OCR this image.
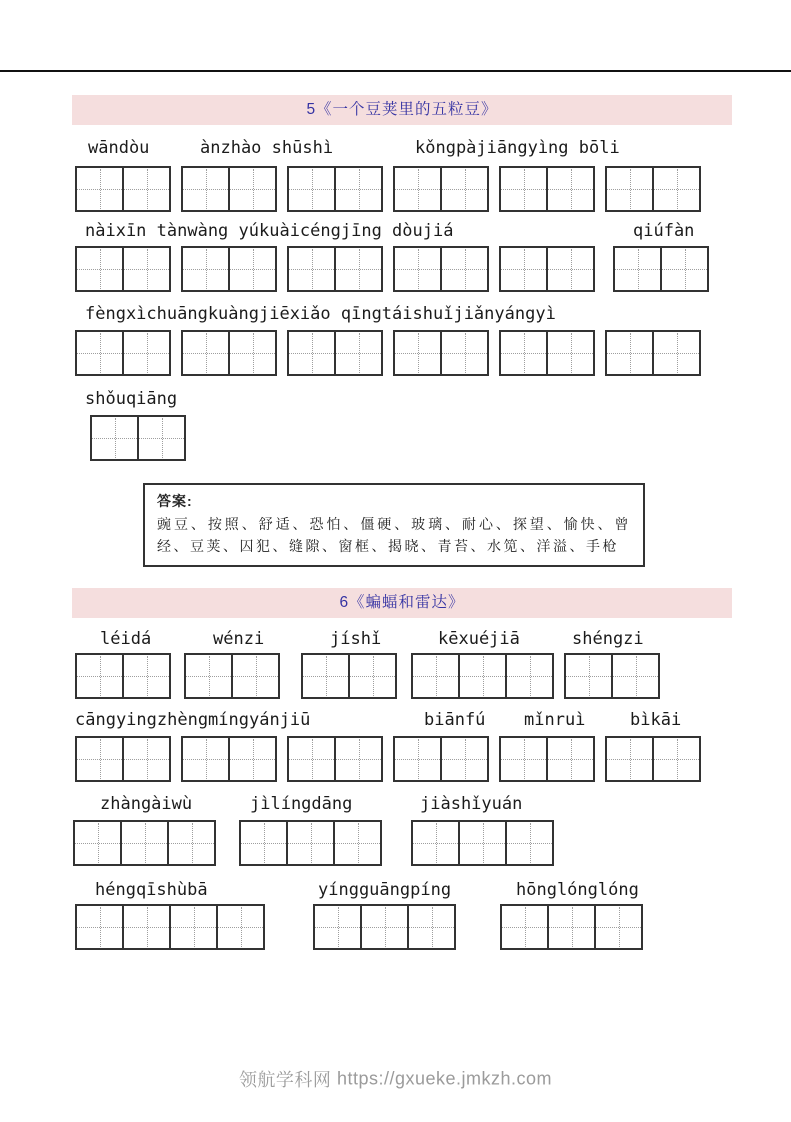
5《一个豆荚里的五粒豆》
wāndòu	ànzhào shūshì	kǒngpàjiāngyìng bōli
nàixīn tànwàng yúkuàicéngjīng dòujiá	qiúfàn
fèngxìchuāngkuàngjiēxiǎo qīngtáishuǐjiǎnyángyì
shǒuqiāng
答案:
豌豆、按照、舒适、恐怕、僵硬、玻璃、耐心、探望、愉快、曾经、豆荚、囚犯、缝隙、窗框、揭晓、青苔、水笕、洋溢、手枪
6《蝙蝠和雷达》
léidá	wénzi	jíshǐ	kēxuéjiā	shéngzi
cāngyingzhèngmíngyánjiū	biānfú mǐnruì	bìkāi
zhàngàiwù	jìlíngdāng	jiàshǐyuán
héngqīshùbā	yíngguāngpíng	hōnglónglóng
领航学科网 https://gxueke.jmkzh.com
